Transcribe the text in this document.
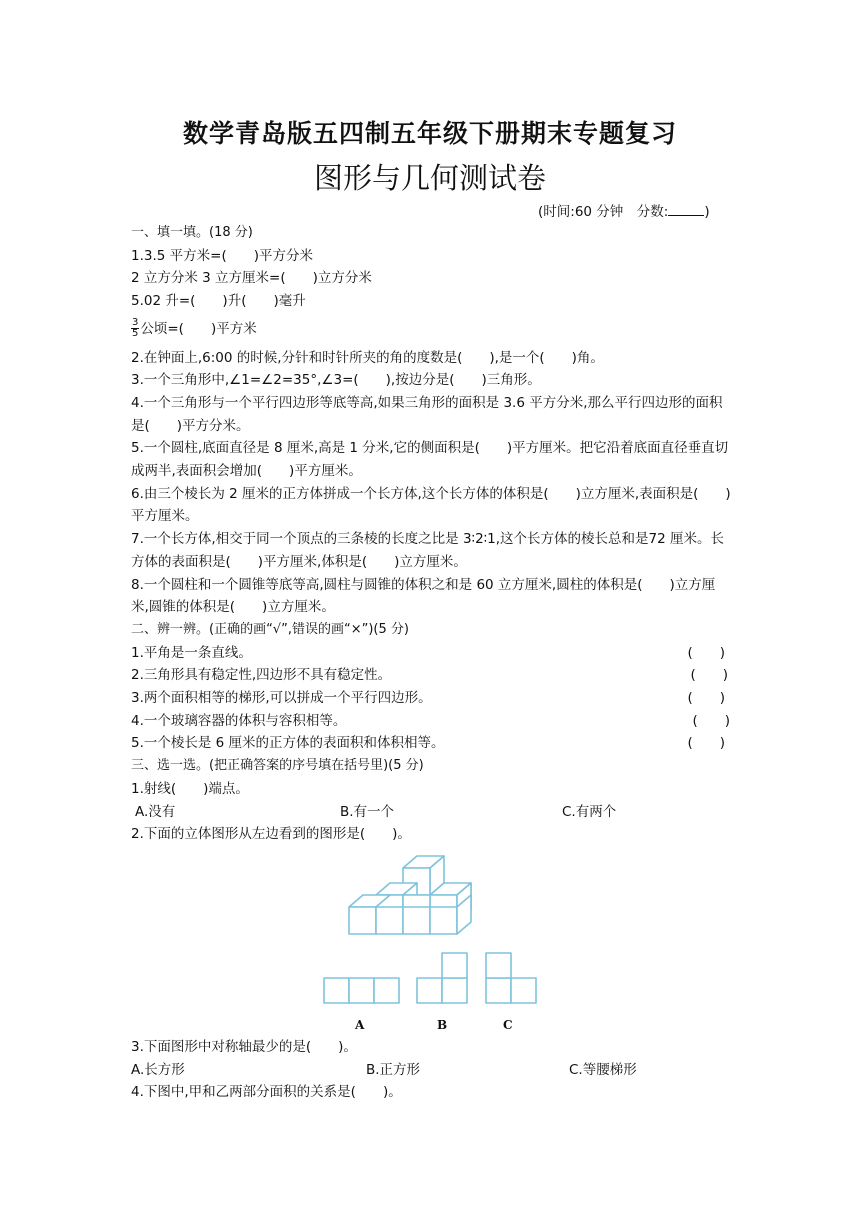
数学青岛版五四制五年级下册期末专题复习
图形与几何测试卷
(时间:60 分钟　分数:	)
一、填一填。(18 分)
1.3.5 平方米=(　　)平方分米
2 立方分米 3 立方厘米=(　　)立方分米
5.02 升=(　　)升(　　)毫升
$\frac{3}{5}$ 公顷=(　　)平方米
2.在钟面上,6:00 的时候,分针和时针所夹的角的度数是(　　),是一个(　　)角。
3.一个三角形中,∠1=∠2=35°,∠3=(　　),按边分是(　　)三角形。
4.一个三角形与一个平行四边形等底等高,如果三角形的面积是 3.6 平方分米,那么平行四边形的面积是(　　)平方分米。
5.一个圆柱,底面直径是 8 厘米,高是 1 分米,它的侧面积是(　　)平方厘米。把它沿着底面直径垂直切成两半,表面积会增加(　　)平方厘米。
6.由三个棱长为 2 厘米的正方体拼成一个长方体,这个长方体的体积是(　　)立方厘米,表面积是(　　)平方厘米。
7.一个长方体,相交于同一个顶点的三条棱的长度之比是 3∶2∶1,这个长方体的棱长总和是72 厘米。长方体的表面积是(　　)平方厘米,体积是(　　)立方厘米。
8.一个圆柱和一个圆锥等底等高,圆柱与圆锥的体积之和是 60 立方厘米,圆柱的体积是(　　)立方厘米,圆锥的体积是(　　)立方厘米。
二、辨一辨。(正确的画“√”,错误的画“×”)(5 分)
1.平角是一条直线。	(　　)
2.三角形具有稳定性,四边形不具有稳定性。	(　　)
3.两个面积相等的梯形,可以拼成一个平行四边形。	(　　)
4.一个玻璃容器的体积与容积相等。	(　　)
5.一个棱长是 6 厘米的正方体的表面积和体积相等。	(　　)
三、选一选。(把正确答案的序号填在括号里)(5 分)
1.射线(　　)端点。
A.没有	B.有一个	C.有两个
2.下面的立体图形从左边看到的图形是(　　)。
A	B	C
3.下面图形中对称轴最少的是(　　)。
A.长方形	B.正方形	C.等腰梯形
4.下图中,甲和乙两部分面积的关系是(　　)。
